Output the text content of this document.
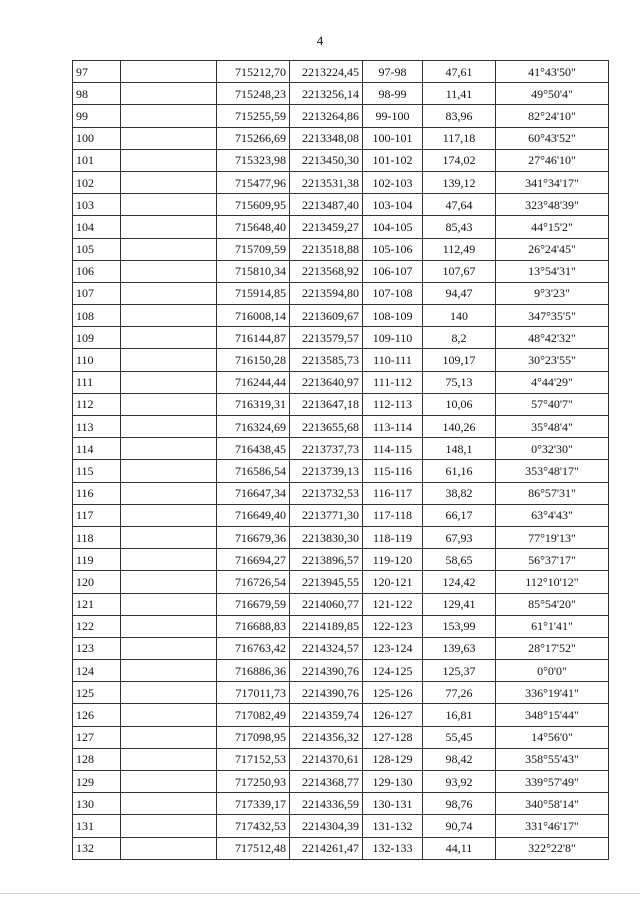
4
97		715212,70	2213224,45	97-98	47,61	41°43'50"
98		715248,23	2213256,14	98-99	11,41	49°50'4"
99		715255,59	2213264,86	99-100	83,96	82°24'10"
100		715266,69	2213348,08	100-101	117,18	60°43'52"
101		715323,98	2213450,30	101-102	174,02	27°46'10"
102		715477,96	2213531,38	102-103	139,12	341°34'17"
103		715609,95	2213487,40	103-104	47,64	323°48'39"
104		715648,40	2213459,27	104-105	85,43	44°15'2"
105		715709,59	2213518,88	105-106	112,49	26°24'45"
106		715810,34	2213568,92	106-107	107,67	13°54'31"
107		715914,85	2213594,80	107-108	94,47	9°3'23"
108		716008,14	2213609,67	108-109	140	347°35'5"
109		716144,87	2213579,57	109-110	8,2	48°42'32"
110		716150,28	2213585,73	110-111	109,17	30°23'55"
111		716244,44	2213640,97	111-112	75,13	4°44'29"
112		716319,31	2213647,18	112-113	10,06	57°40'7"
113		716324,69	2213655,68	113-114	140,26	35°48'4"
114		716438,45	2213737,73	114-115	148,1	0°32'30"
115		716586,54	2213739,13	115-116	61,16	353°48'17"
116		716647,34	2213732,53	116-117	38,82	86°57'31"
117		716649,40	2213771,30	117-118	66,17	63°4'43"
118		716679,36	2213830,30	118-119	67,93	77°19'13"
119		716694,27	2213896,57	119-120	58,65	56°37'17"
120		716726,54	2213945,55	120-121	124,42	112°10'12"
121		716679,59	2214060,77	121-122	129,41	85°54'20"
122		716688,83	2214189,85	122-123	153,99	61°1'41"
123		716763,42	2214324,57	123-124	139,63	28°17'52"
124		716886,36	2214390,76	124-125	125,37	0°0'0"
125		717011,73	2214390,76	125-126	77,26	336°19'41"
126		717082,49	2214359,74	126-127	16,81	348°15'44"
127		717098,95	2214356,32	127-128	55,45	14°56'0"
128		717152,53	2214370,61	128-129	98,42	358°55'43"
129		717250,93	2214368,77	129-130	93,92	339°57'49"
130		717339,17	2214336,59	130-131	98,76	340°58'14"
131		717432,53	2214304,39	131-132	90,74	331°46'17"
132		717512,48	2214261,47	132-133	44,11	322°22'8"
